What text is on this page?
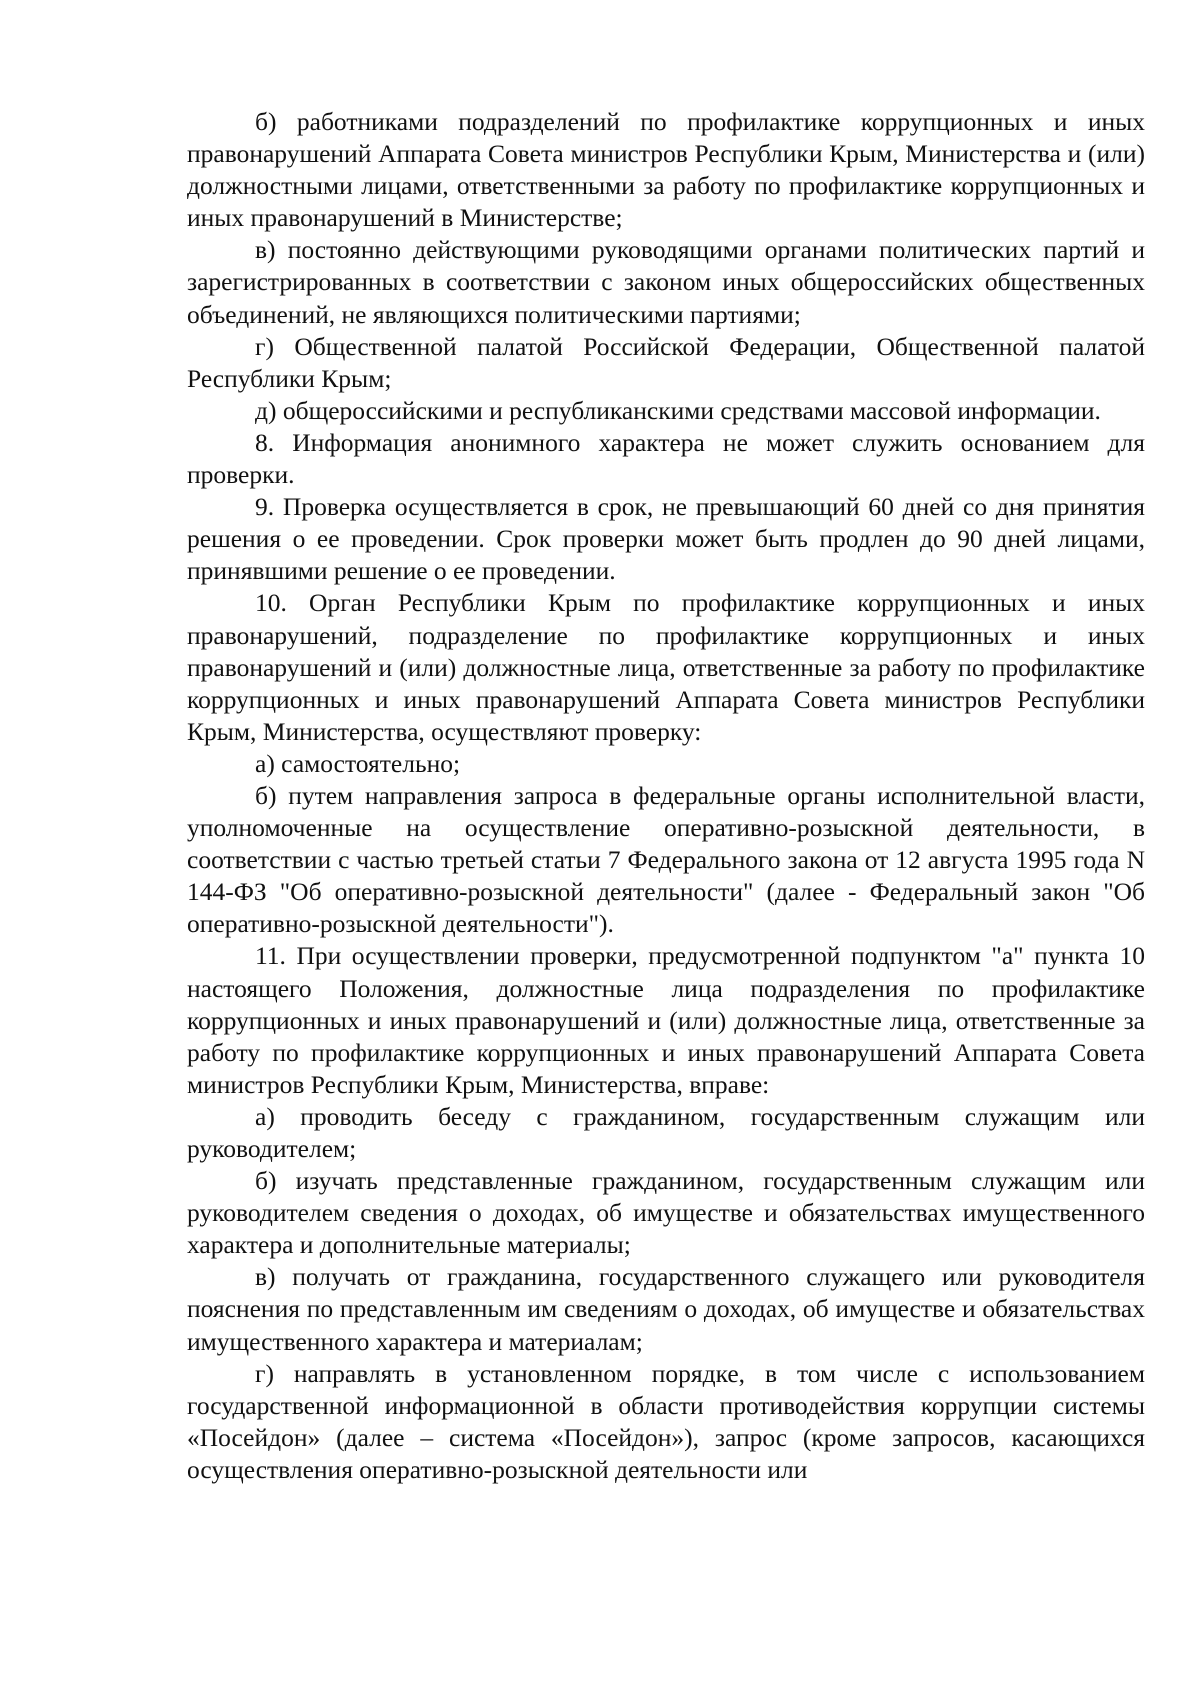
б) работниками подразделений по профилактике коррупционных и иных правонарушений Аппарата Совета министров Республики Крым, Министерства и (или) должностными лицами, ответственными за работу по профилактике коррупционных и иных правонарушений в Министерстве;

в) постоянно действующими руководящими органами политических партий и зарегистрированных в соответствии с законом иных общероссийских общественных объединений, не являющихся политическими партиями;

г) Общественной палатой Российской Федерации, Общественной палатой Республики Крым;

д) общероссийскими и республиканскими средствами массовой информации.

8. Информация анонимного характера не может служить основанием для проверки.

9. Проверка осуществляется в срок, не превышающий 60 дней со дня принятия решения о ее проведении. Срок проверки может быть продлен до 90 дней лицами, принявшими решение о ее проведении.

10. Орган Республики Крым по профилактике коррупционных и иных правонарушений, подразделение по профилактике коррупционных и иных правонарушений и (или) должностные лица, ответственные за работу по профилактике коррупционных и иных правонарушений Аппарата Совета министров Республики Крым, Министерства, осуществляют проверку:

а) самостоятельно;

б) путем направления запроса в федеральные органы исполнительной власти, уполномоченные на осуществление оперативно-розыскной деятельности, в соответствии с частью третьей статьи 7 Федерального закона от 12 августа 1995 года N 144-ФЗ "Об оперативно-розыскной деятельности" (далее - Федеральный закон "Об оперативно-розыскной деятельности").

11. При осуществлении проверки, предусмотренной подпунктом "а" пункта 10 настоящего Положения, должностные лица подразделения по профилактике коррупционных и иных правонарушений и (или) должностные лица, ответственные за работу по профилактике коррупционных и иных правонарушений Аппарата Совета министров Республики Крым, Министерства, вправе:

а) проводить беседу с гражданином, государственным служащим или руководителем;

б) изучать представленные гражданином, государственным служащим или руководителем сведения о доходах, об имуществе и обязательствах имущественного характера и дополнительные материалы;

в) получать от гражданина, государственного служащего или руководителя пояснения по представленным им сведениям о доходах, об имуществе и обязательствах имущественного характера и материалам;

г) направлять в установленном порядке, в том числе с использованием государственной информационной в области противодействия коррупции системы «Посейдон» (далее – система «Посейдон»), запрос (кроме запросов, касающихся осуществления оперативно-розыскной деятельности или
